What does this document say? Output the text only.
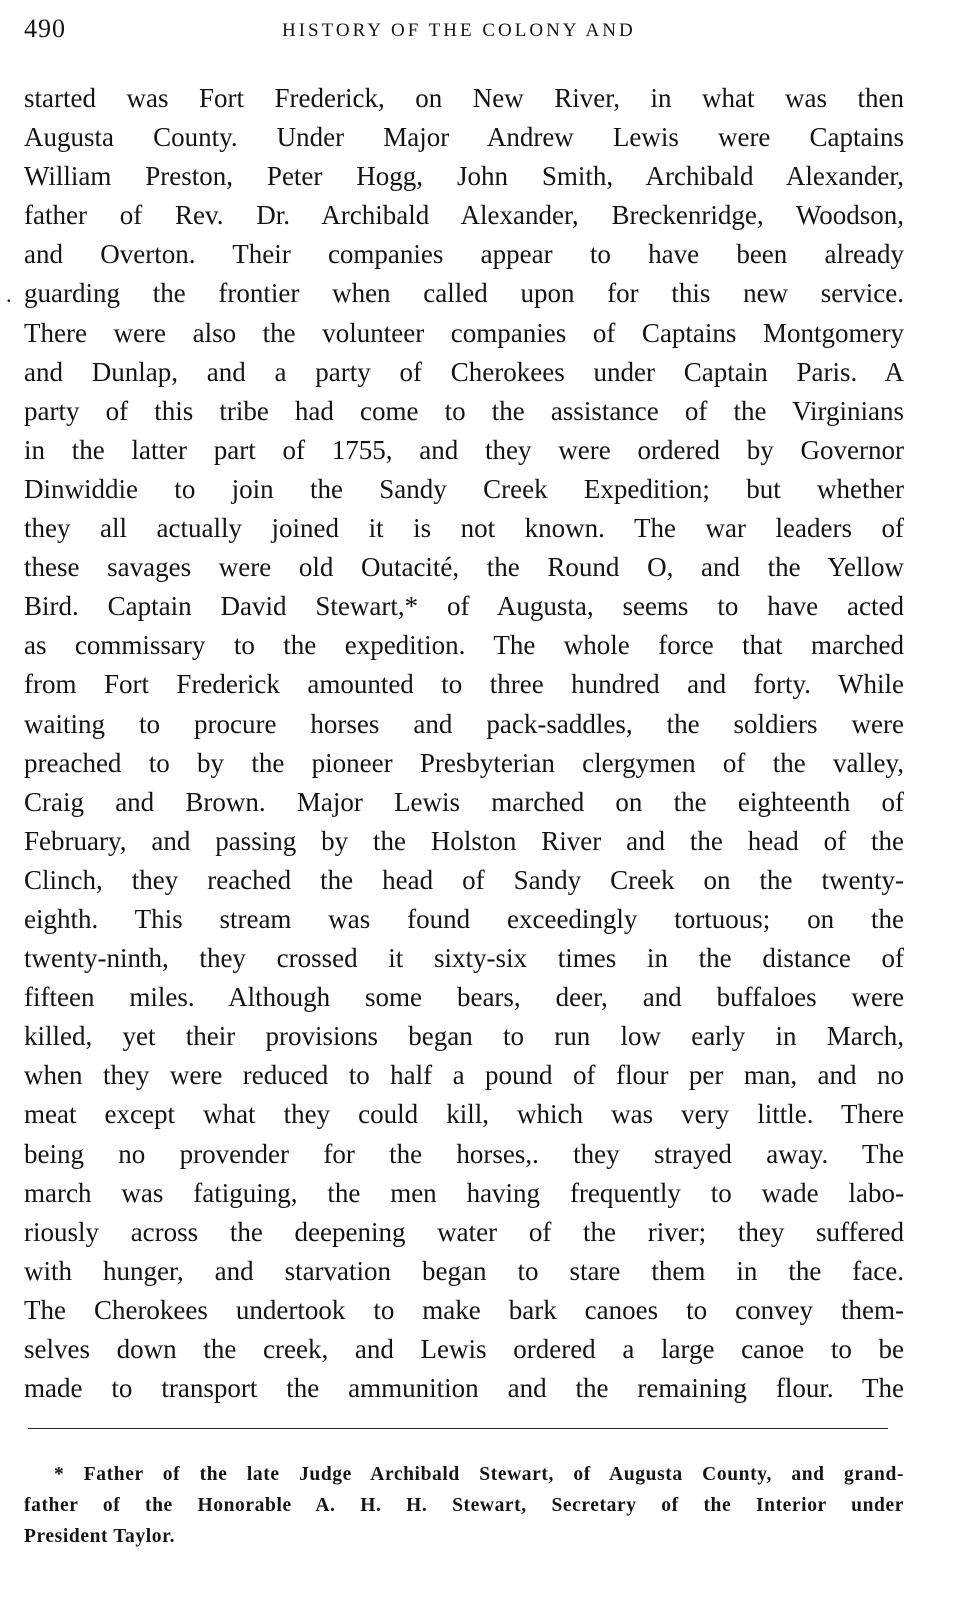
490	HISTORY OF THE COLONY AND
.
started was Fort Frederick, on New River, in what was then
Augusta County. Under Major Andrew Lewis were Captains
William Preston, Peter Hogg, John Smith, Archibald Alexander,
father of Rev. Dr. Archibald Alexander, Breckenridge, Woodson,
and Overton. Their companies appear to have been already
guarding the frontier when called upon for this new service.
There were also the volunteer companies of Captains Montgomery
and Dunlap, and a party of Cherokees under Captain Paris. A
party of this tribe had come to the assistance of the Virginians
in the latter part of 1755, and they were ordered by Governor
Dinwiddie to join the Sandy Creek Expedition; but whether
they all actually joined it is not known. The war leaders of
these savages were old Outacité, the Round O, and the Yellow
Bird. Captain David Stewart,* of Augusta, seems to have acted
as commissary to the expedition. The whole force that marched
from Fort Frederick amounted to three hundred and forty. While
waiting to procure horses and pack-saddles, the soldiers were
preached to by the pioneer Presbyterian clergymen of the valley,
Craig and Brown. Major Lewis marched on the eighteenth of
February, and passing by the Holston River and the head of the
Clinch, they reached the head of Sandy Creek on the twenty-
eighth. This stream was found exceedingly tortuous; on the
twenty-ninth, they crossed it sixty-six times in the distance of
fifteen miles. Although some bears, deer, and buffaloes were
killed, yet their provisions began to run low early in March,
when they were reduced to half a pound of flour per man, and no
meat except what they could kill, which was very little. There
being no provender for the horses,. they strayed away. The
march was fatiguing, the men having frequently to wade labo-
riously across the deepening water of the river; they suffered
with hunger, and starvation began to stare them in the face.
The Cherokees undertook to make bark canoes to convey them-
selves down the creek, and Lewis ordered a large canoe to be
made to transport the ammunition and the remaining flour. The
* Father of the late Judge Archibald Stewart, of Augusta County, and grand-
father of the Honorable A. H. H. Stewart, Secretary of the Interior under
President Taylor.
